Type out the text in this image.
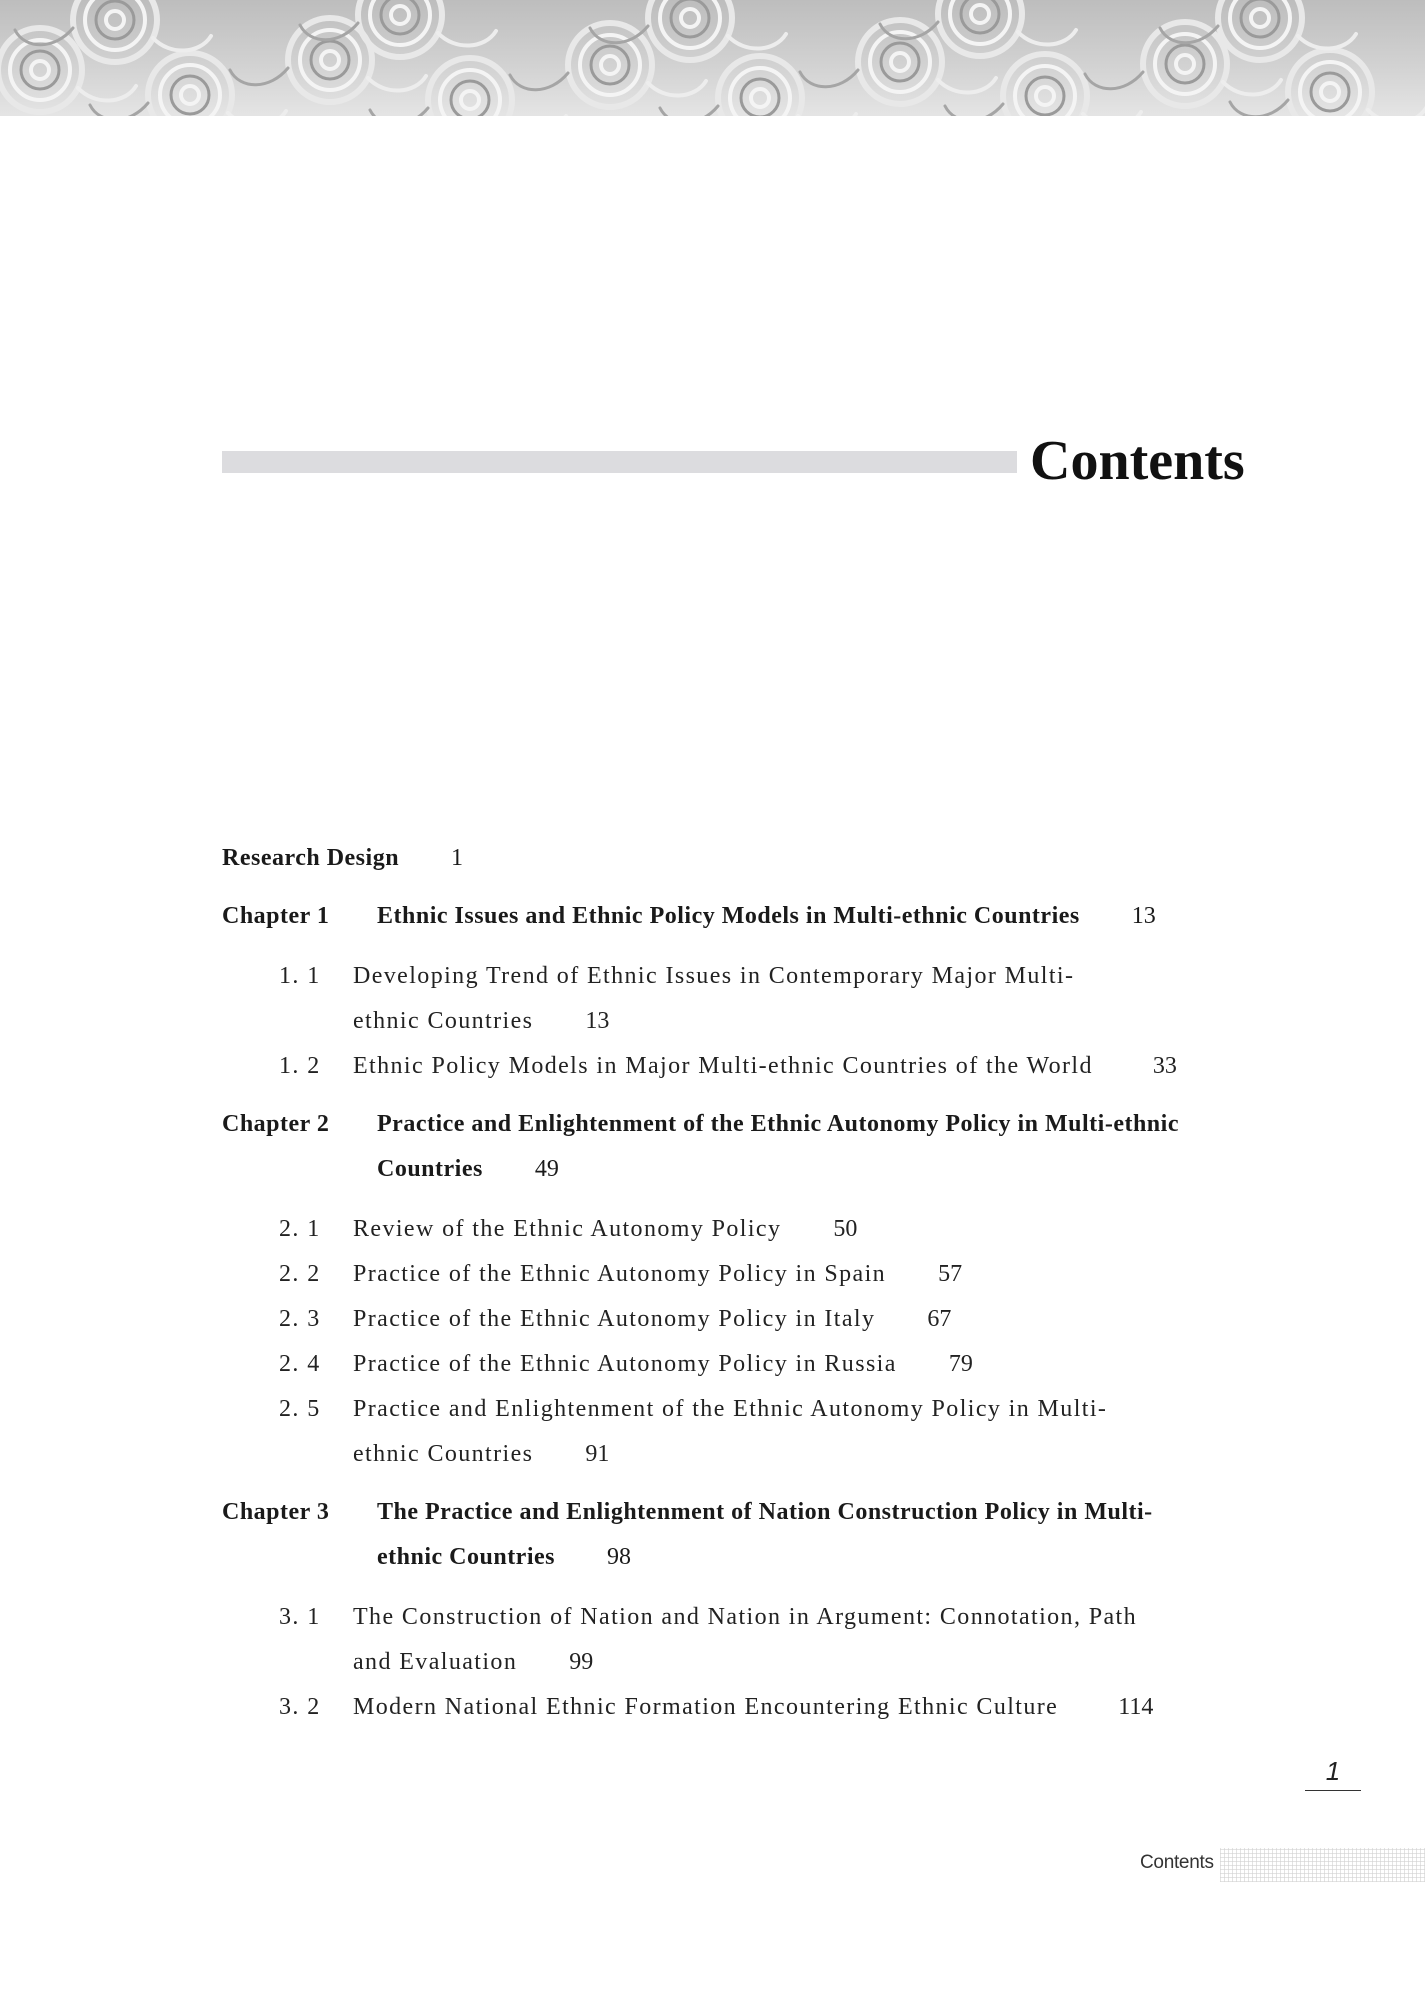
Contents
Research Design 1
Chapter 1 Ethnic Issues and Ethnic Policy Models in Multi-ethnic Countries 13
1. 1 Developing Trend of Ethnic Issues in Contemporary Major Multi-ethnic Countries 13
1. 2 Ethnic Policy Models in Major Multi-ethnic Countries of the World	33
Chapter 2 Practice and Enlightenment of the Ethnic Autonomy Policy in Multi-ethnic Countries 49
2. 1 Review of the Ethnic Autonomy Policy 50
2. 2 Practice of the Ethnic Autonomy Policy in Spain 57
2. 3 Practice of the Ethnic Autonomy Policy in Italy 67
2. 4 Practice of the Ethnic Autonomy Policy in Russia 79
2. 5 Practice and Enlightenment of the Ethnic Autonomy Policy in Multi-ethnic Countries 91
Chapter 3 The Practice and Enlightenment of Nation Construction Policy in Multi-ethnic Countries 98
3. 1 The Construction of Nation and Nation in Argument: Connotation, Path and Evaluation 99
3. 2 Modern National Ethnic Formation Encountering Ethnic Culture	114
1
Contents
